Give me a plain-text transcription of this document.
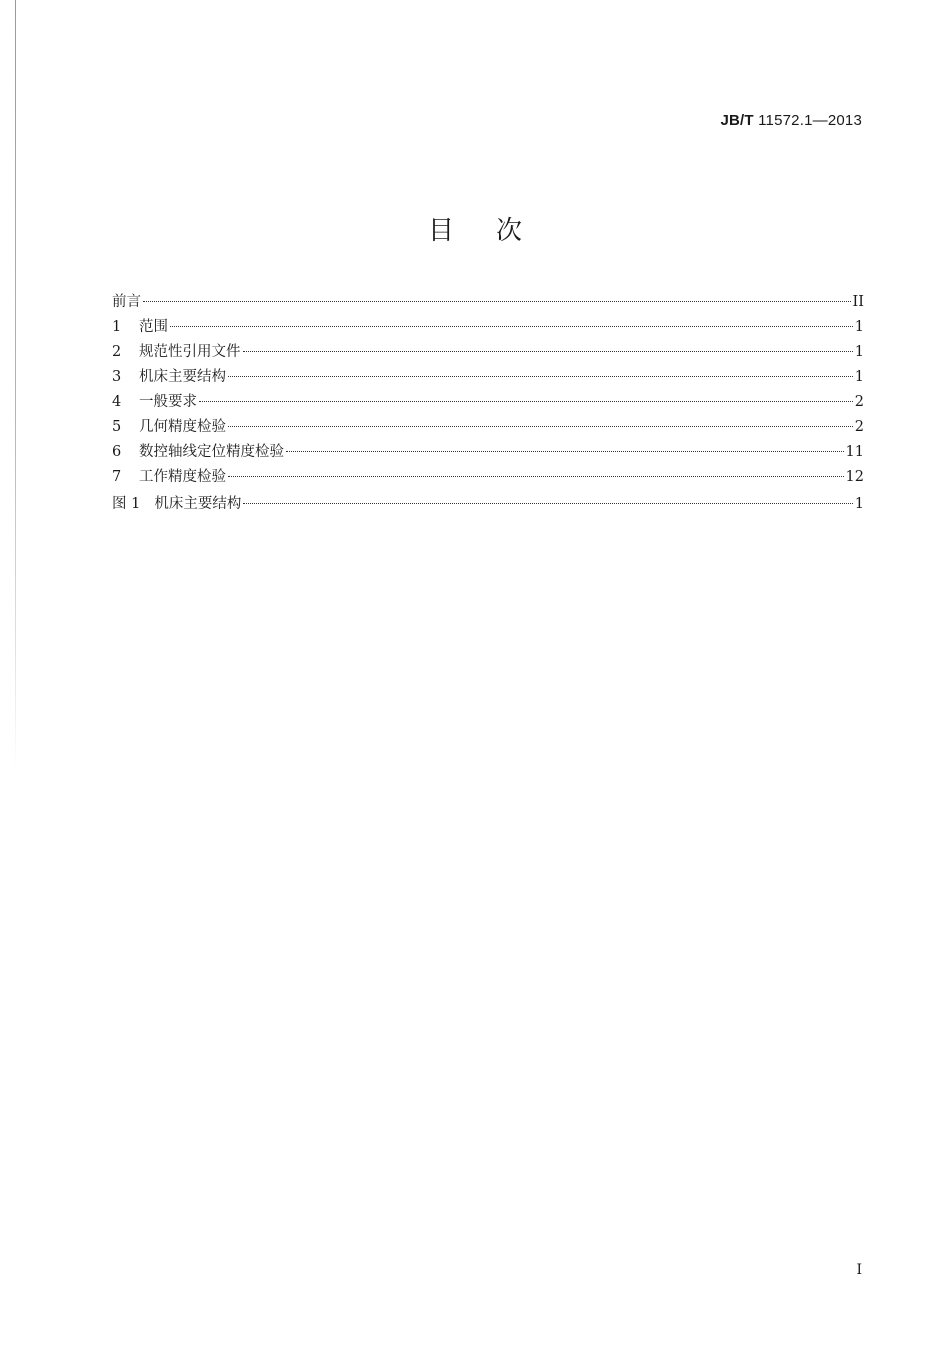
JB/T 11572.1—2013
目次
前言	II
1	范围	1
2	规范性引用文件	1
3	机床主要结构	1
4	一般要求	2
5	几何精度检验	2
6	数控轴线定位精度检验	11
7	工作精度检验	12
图 1 机床主要结构	1
I
